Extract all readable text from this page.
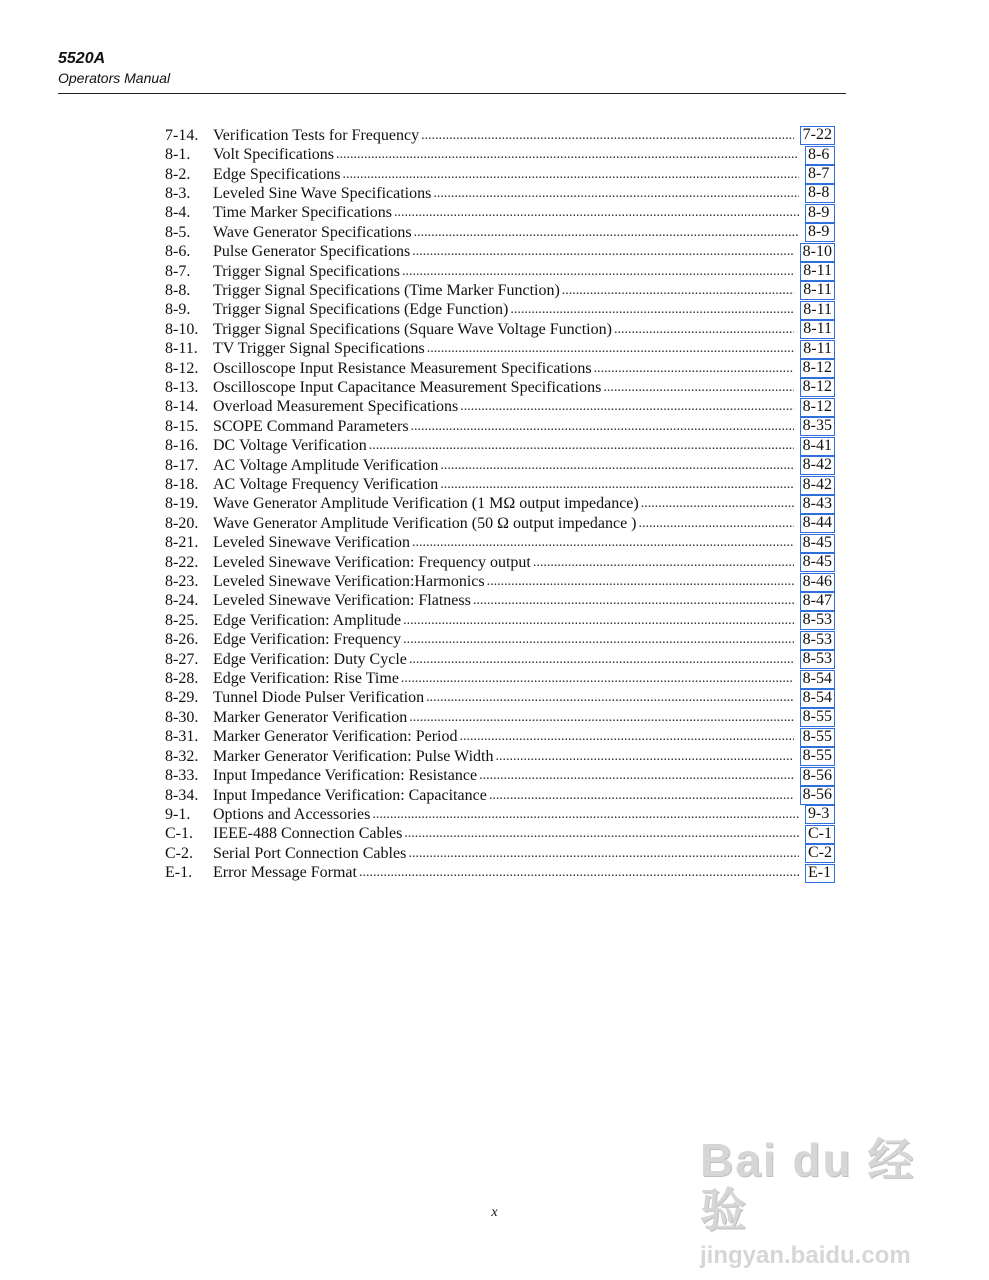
5520A
Operators Manual
7-14. Verification Tests for Frequency .....	7-22
8-1.	Volt Specifications .....	8-6
8-2.	Edge Specifications .....	8-7
8-3.	Leveled Sine Wave Specifications .....	8-8
8-4.	Time Marker Specifications .....	8-9
8-5.	Wave Generator Specifications .....	8-9
8-6.	Pulse Generator Specifications .....	8-10
8-7.	Trigger Signal Specifications .....	8-11
8-8.	Trigger Signal Specifications (Time Marker Function) .....	8-11
8-9.	Trigger Signal Specifications (Edge Function) .....	8-11
8-10. Trigger Signal Specifications (Square Wave Voltage Function) .....	8-11
8-11. TV Trigger Signal Specifications .....	8-11
8-12. Oscilloscope Input Resistance Measurement Specifications .....	8-12
8-13. Oscilloscope Input Capacitance Measurement Specifications .....	8-12
8-14. Overload Measurement Specifications .....	8-12
8-15. SCOPE Command Parameters .....	8-35
8-16. DC Voltage Verification .....	8-41
8-17. AC Voltage Amplitude Verification .....	8-42
8-18. AC Voltage Frequency Verification .....	8-42
8-19. Wave Generator Amplitude Verification (1 MΩ output impedance) .....	8-43
8-20. Wave Generator Amplitude Verification (50 Ω output impedance ) .....	8-44
8-21. Leveled Sinewave Verification .....	8-45
8-22. Leveled Sinewave Verification: Frequency output .....	8-45
8-23. Leveled Sinewave Verification:Harmonics .....	8-46
8-24. Leveled Sinewave Verification: Flatness .....	8-47
8-25. Edge Verification: Amplitude .....	8-53
8-26. Edge Verification: Frequency .....	8-53
8-27. Edge Verification: Duty Cycle .....	8-53
8-28. Edge Verification: Rise Time .....	8-54
8-29. Tunnel Diode Pulser Verification .....	8-54
8-30. Marker Generator Verification .....	8-55
8-31. Marker Generator Verification: Period .....	8-55
8-32. Marker Generator Verification: Pulse Width .....	8-55
8-33. Input Impedance Verification: Resistance .....	8-56
8-34. Input Impedance Verification: Capacitance .....	8-56
9-1.	Options and Accessories .....	9-3
C-1.	IEEE-488 Connection Cables .....	C-1
C-2.	Serial Port Connection Cables .....	C-2
E-1.	Error Message Format .....	E-1
x
Bai du 经验
jingyan.baidu.com
